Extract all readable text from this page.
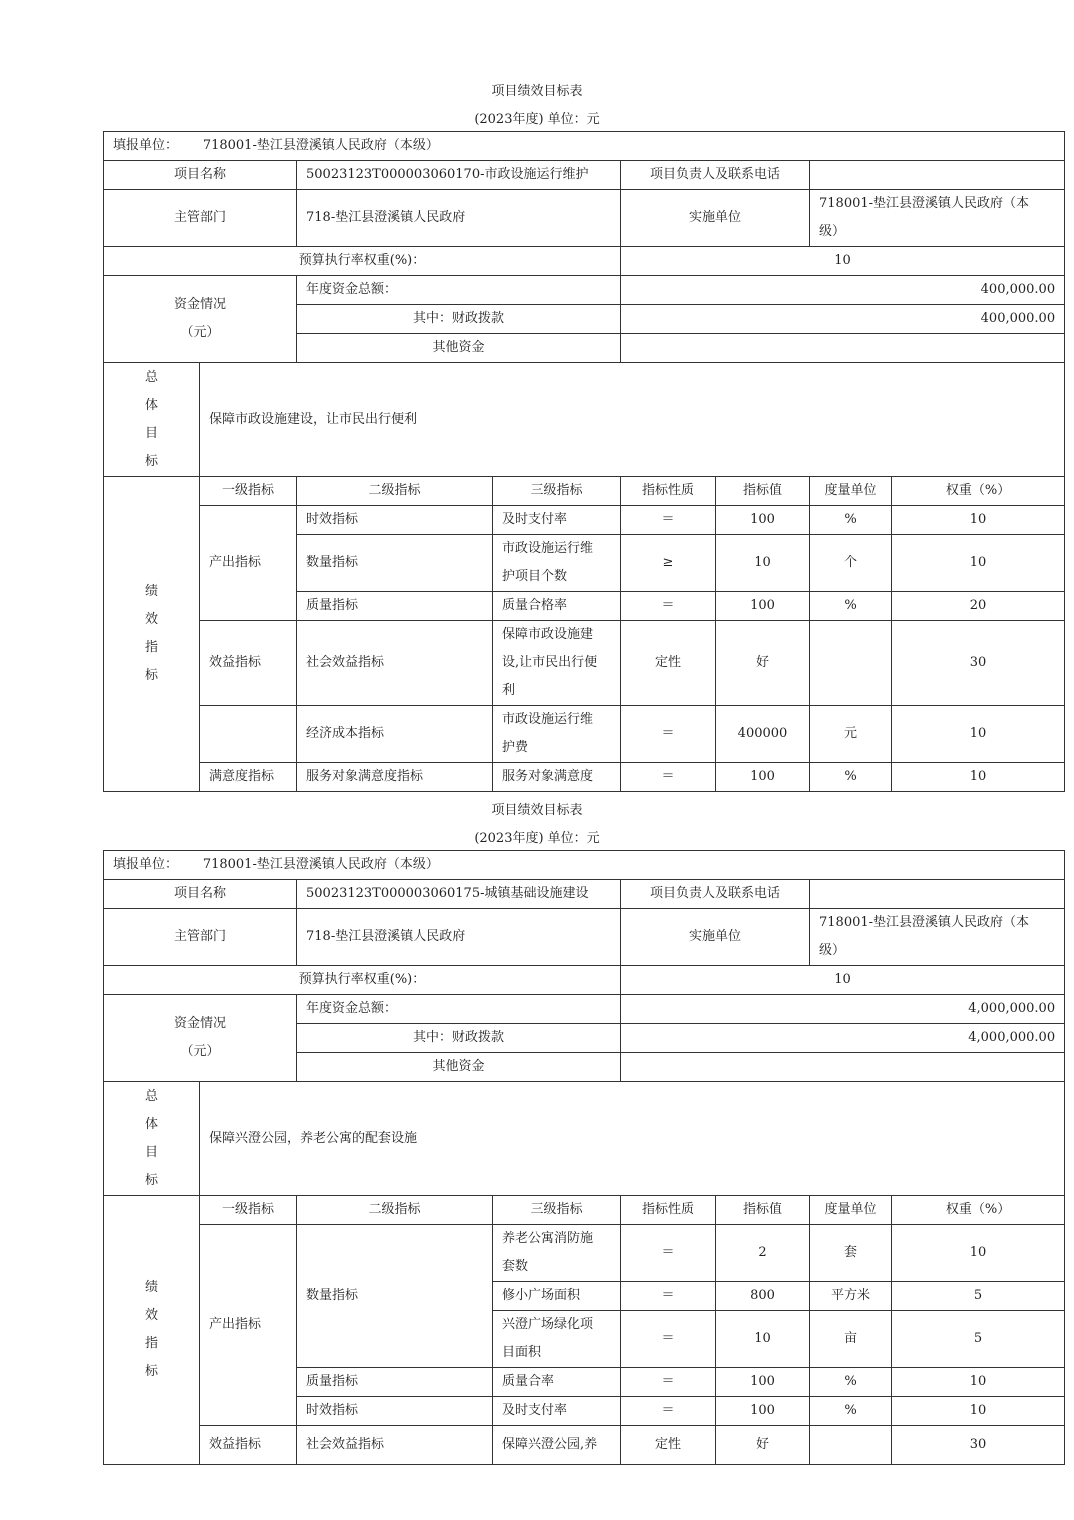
项目绩效目标表
(2023年度) 单位：元
填报单位： 718001-垫江县澄溪镇人民政府（本级）							
项目名称		50023123T000003060170-市政设施运行维护		项目负责人及联系电话			
主管部门		718-垫江县澄溪镇人民政府		实施单位		718001-垫江县澄溪镇人民政府（本
级）	

预算执行率权重(%)：				10			

资金情况
（元）		年度资金总额：		400,000.00			
		其中：财政拨款		400,000.00			
		其他资金					

总
体
目
标	保障市政设施建设，让市民出行便利						

绩
效
指
标	一级指标	二级指标	三级指标	指标性质	指标值	度量单位	权重（%）
	产出指标	时效指标	及时支付率	＝	100	%	10
		数量指标	市政设施运行维
护项目个数	≥	10	个	10
		质量指标	质量合格率	＝	100	%	20
	效益指标	社会效益指标	保障市政设施建
设,让市民出行便
利	定性	好		30
		经济成本指标	市政设施运行维
护费	＝	400000	元	10
	满意度指标	服务对象满意度指标	服务对象满意度	＝	100	%	10
项目绩效目标表
(2023年度) 单位：元
填报单位： 718001-垫江县澄溪镇人民政府（本级）							
项目名称		50023123T000003060175-城镇基础设施建设		项目负责人及联系电话			
主管部门		718-垫江县澄溪镇人民政府		实施单位		718001-垫江县澄溪镇人民政府（本
级）	

预算执行率权重(%)：				10			

资金情况
（元）		年度资金总额：		4,000,000.00			
		其中：财政拨款		4,000,000.00			
		其他资金					

总
体
目
标	保障兴澄公园，养老公寓的配套设施						

绩
效
指
标	一级指标	二级指标	三级指标	指标性质	指标值	度量单位	权重（%）
	产出指标	数量指标	养老公寓消防施
套数	＝	2	套	10

			修小广场面积	＝	800	平方米	5

			兴澄广场绿化项
目面积	＝	10	亩	5
		质量指标	质量合率	＝	100	%	10
		时效指标	及时支付率	＝	100	%	10
	效益指标	社会效益指标	保障兴澄公园,养	定性	好		30
